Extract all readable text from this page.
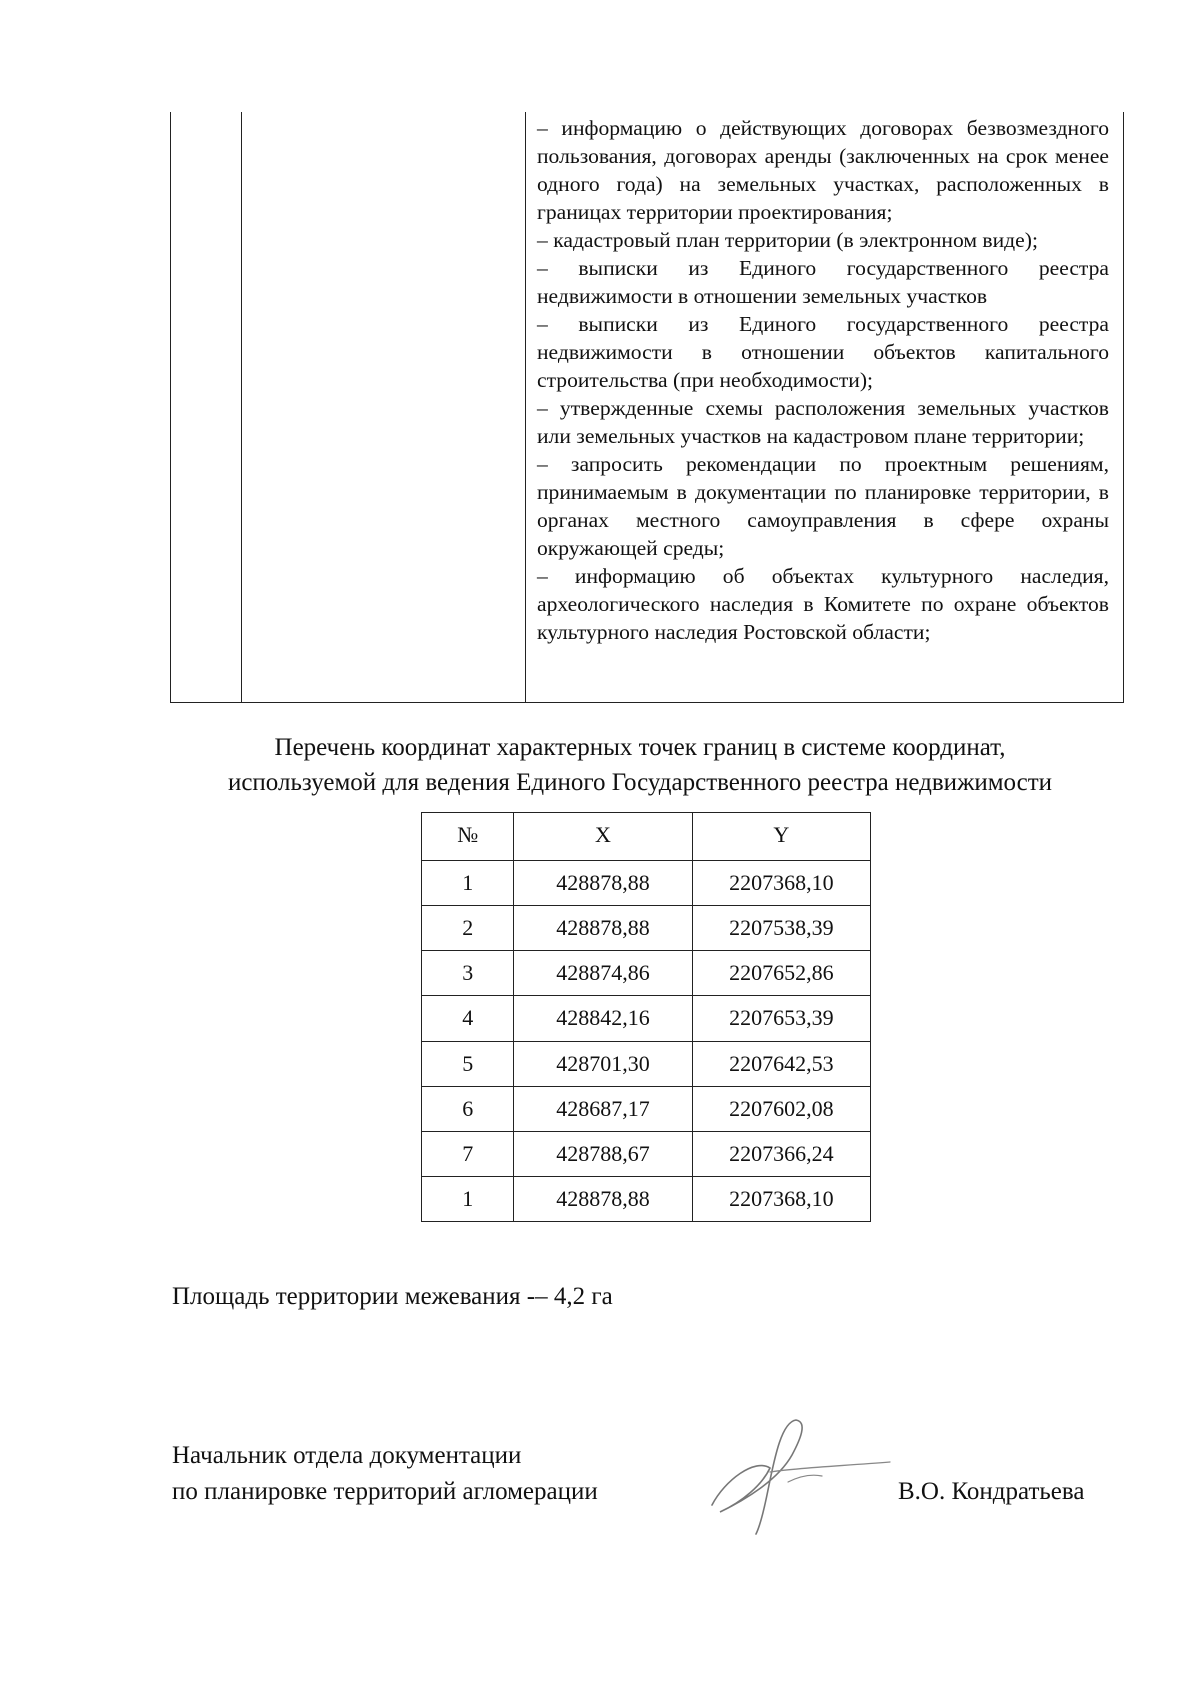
– информацию о действующих договорах безвозмездного пользования, договорах аренды (заключенных на срок менее одного года) на земельных участках, расположенных в границах территории проектирования;
– кадастровый план территории (в электронном виде);
– выписки из Единого государственного реестра недвижимости в отношении земельных участков
– выписки из Единого государственного реестра недвижимости в отношении объектов капитального строительства (при необходимости);
– утвержденные схемы расположения земельных участков или земельных участков на кадастровом плане территории;
– запросить рекомендации по проектным решениям, принимаемым в документации по планировке территории, в органах местного самоуправления в сфере охраны окружающей среды;
– информацию об объектах культурного наследия, археологического наследия в Комитете по охране объектов культурного наследия Ростовской области;
Перечень координат характерных точек границ в системе координат,
используемой для ведения Единого Государственного реестра недвижимости
№	X	Y
1	428878,88	2207368,10
2	428878,88	2207538,39
3	428874,86	2207652,86
4	428842,16	2207653,39
5	428701,30	2207642,53
6	428687,17	2207602,08
7	428788,67	2207366,24
1	428878,88	2207368,10
Площадь территории межевания -– 4,2 га
Начальник отдела документации
по планировке территорий агломерации	В.О. Кондратьева
